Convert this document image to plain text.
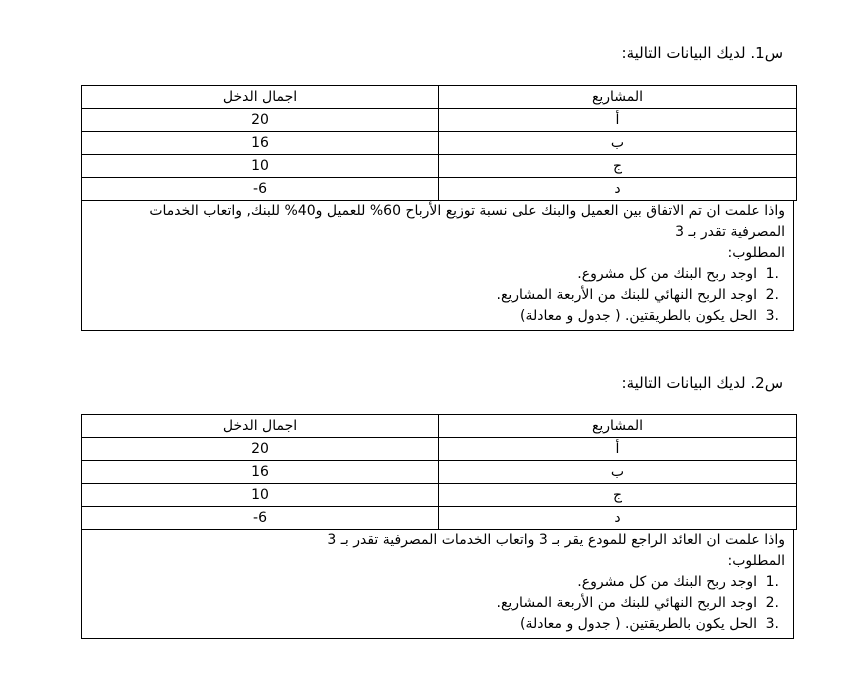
س1. لديك البيانات التالية:
اجمال الدخل	المشاريع
20	أ
16	ب
10	ج
-6	د

واذا علمت ان تم الاتفاق بين العميل والبنك على نسبة توزيع الأرباح 60% للعميل و40% للبنك, واتعاب الخدمات

المصرفية تقدر بـ 3

المطلوب:

.1
اوجد ربح البنك من كل مشروع.
.2
اوجد الربح النهائي للبنك من الأربعة المشاريع.
.3
الحل يكون بالطريقتين. ( جدول و معادلة)
س2. لديك البيانات التالية:
اجمال الدخل	المشاريع
20	أ
16	ب
10	ج
-6	د

واذا علمت ان العائد الراجع للمودع يقر بـ 3 واتعاب الخدمات المصرفية تقدر بـ 3

المطلوب:

.1
اوجد ربح البنك من كل مشروع.
.2
اوجد الربح النهائي للبنك من الأربعة المشاريع.
.3
الحل يكون بالطريقتين. ( جدول و معادلة)
